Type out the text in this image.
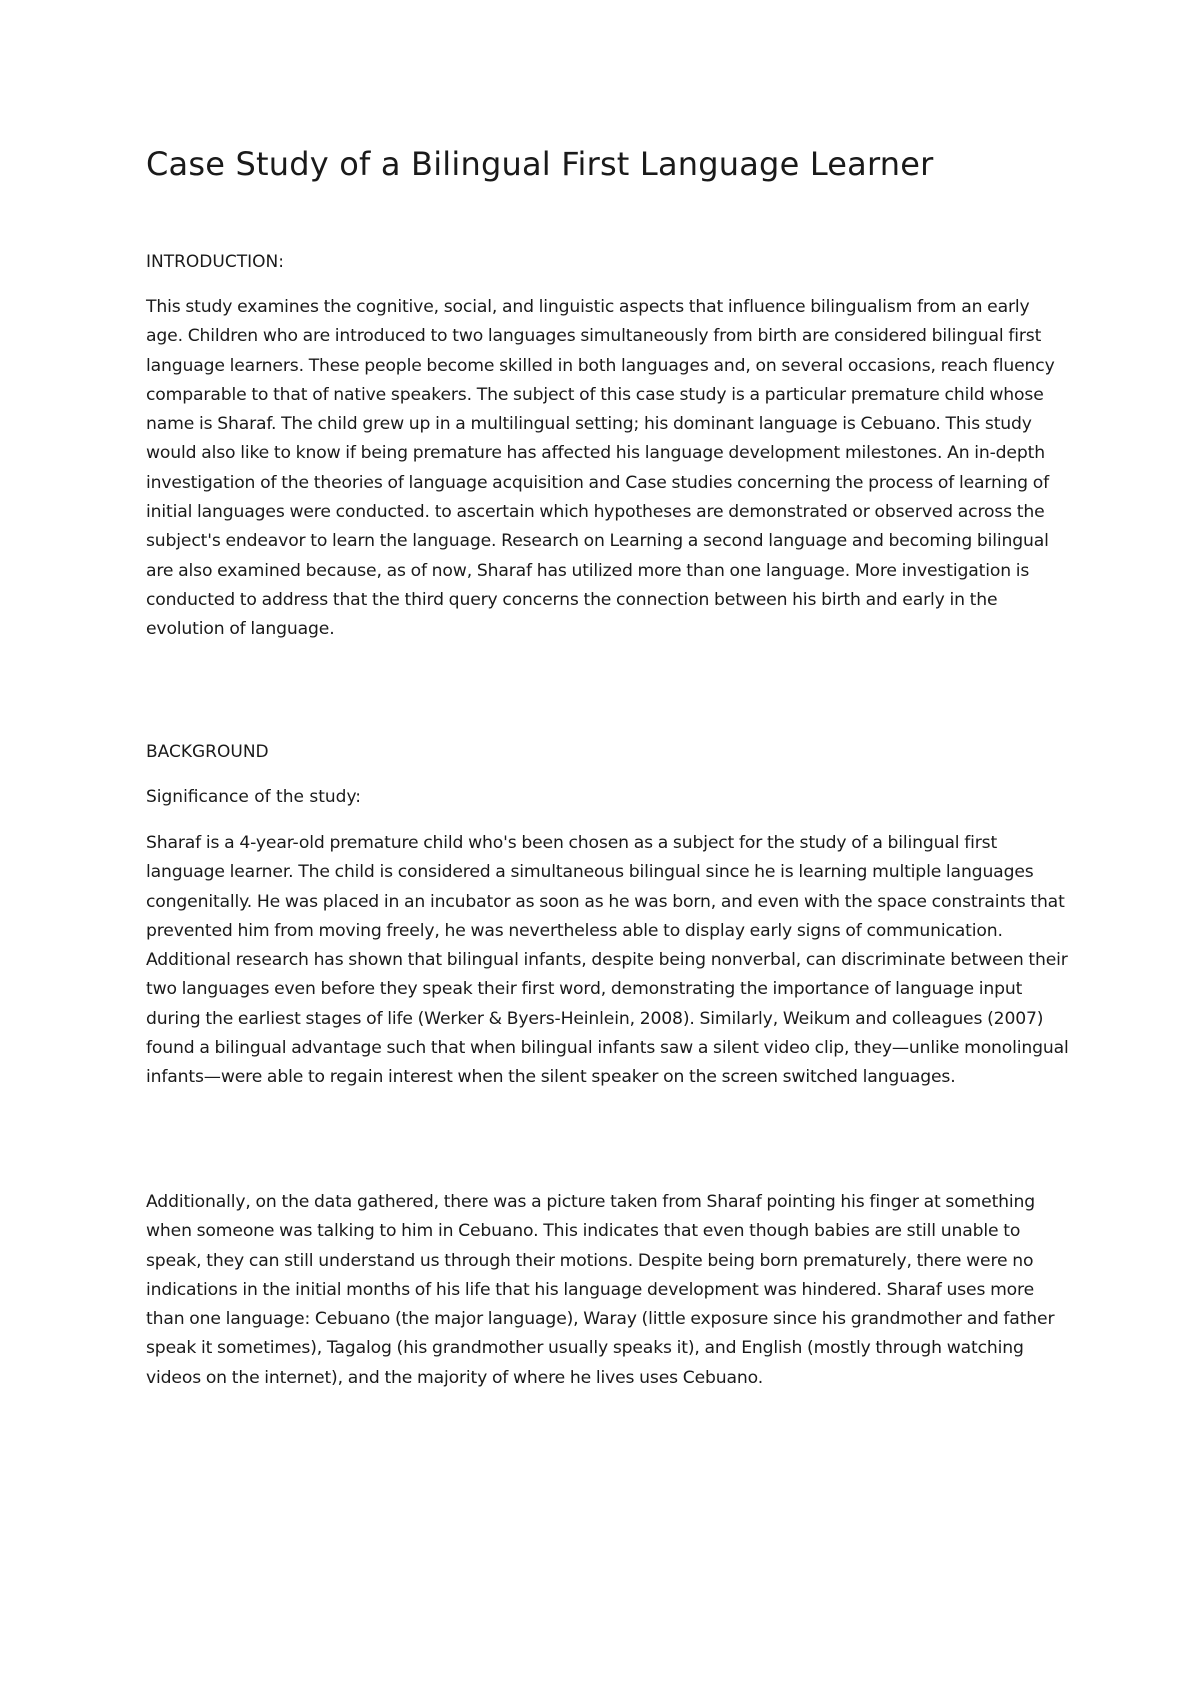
Case Study of a Bilingual First Language Learner
INTRODUCTION:

This study examines the cognitive, social, and linguistic aspects that influence bilingualism from an early age. Children who are introduced to two languages simultaneously from birth are considered bilingual first language learners. These people become skilled in both languages and, on several occasions, reach fluency comparable to that of native speakers. The subject of this case study is a particular premature child whose name is Sharaf. The child grew up in a multilingual setting; his dominant language is Cebuano. This study would also like to know if being premature has affected his language development milestones. An in-depth investigation of the theories of language acquisition and Case studies concerning the process of learning of initial languages were conducted. to ascertain which hypotheses are demonstrated or observed across the subject's endeavor to learn the language. Research on Learning a second language and becoming bilingual are also examined because, as of now, Sharaf has utilized more than one language. More investigation is conducted to address that the third query concerns the connection between his birth and early in the evolution of language.

BACKGROUND
Significance of the study:

Sharaf is a 4-year-old premature child who's been chosen as a subject for the study of a bilingual first language learner. The child is considered a simultaneous bilingual since he is learning multiple languages congenitally. He was placed in an incubator as soon as he was born, and even with the space constraints that prevented him from moving freely, he was nevertheless able to display early signs of communication. Additional research has shown that bilingual infants, despite being nonverbal, can discriminate between their two languages even before they speak their first word, demonstrating the importance of language input during the earliest stages of life (Werker & Byers-Heinlein, 2008). Similarly, Weikum and colleagues (2007) found a bilingual advantage such that when bilingual infants saw a silent video clip, they—unlike monolingual infants—were able to regain interest when the silent speaker on the screen switched languages.

Additionally, on the data gathered, there was a picture taken from Sharaf pointing his finger at something when someone was talking to him in Cebuano. This indicates that even though babies are still unable to speak, they can still understand us through their motions. Despite being born prematurely, there were no indications in the initial months of his life that his language development was hindered. Sharaf uses more than one language: Cebuano (the major language), Waray (little exposure since his grandmother and father speak it sometimes), Tagalog (his grandmother usually speaks it), and English (mostly through watching videos on the internet), and the majority of where he lives uses Cebuano.
